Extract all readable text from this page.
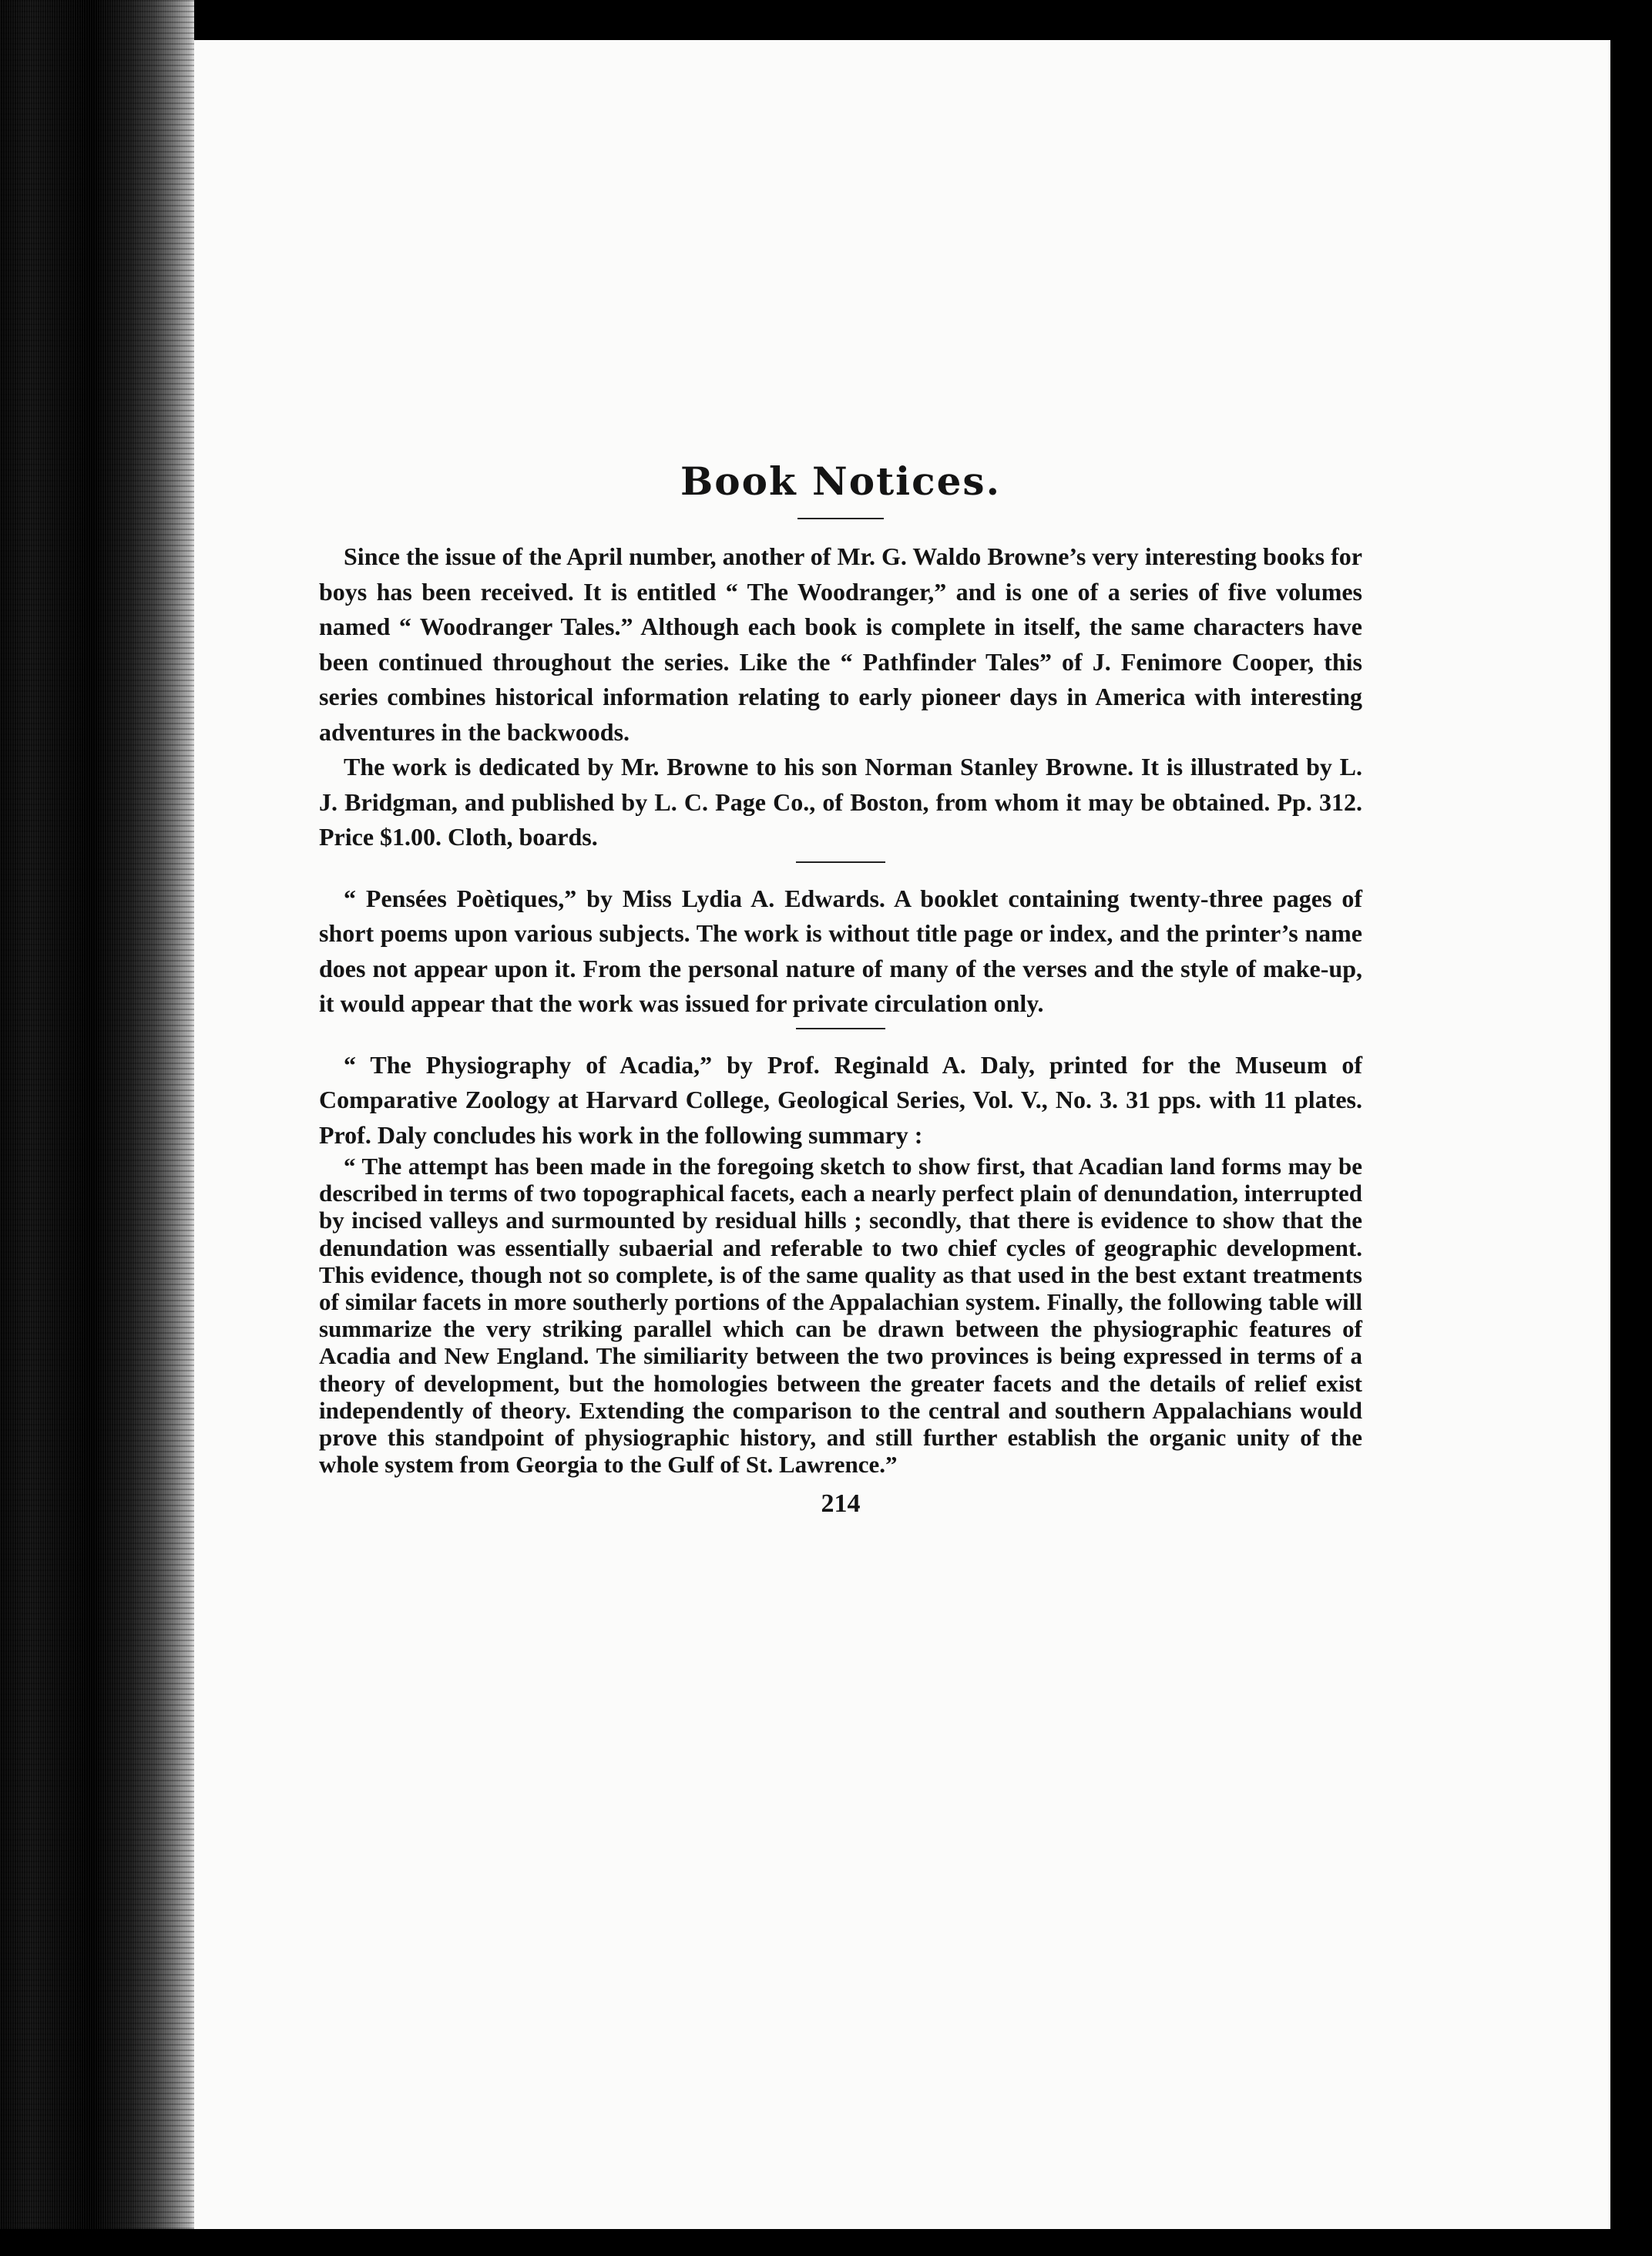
Book Notices.

Since the issue of the April number, another of Mr. G. Waldo Browne’s very interesting books for boys has been received. It is entitled “ The Woodranger,” and is one of a series of five volumes named “ Woodranger Tales.” Although each book is complete in itself, the same characters have been continued throughout the series. Like the “ Pathfinder Tales” of J. Fenimore Cooper, this series combines historical information relating to early pioneer days in America with interesting adventures in the backwoods.

The work is dedicated by Mr. Browne to his son Norman Stanley Browne. It is illustrated by L. J. Bridgman, and published by L. C. Page Co., of Boston, from whom it may be obtained. Pp. 312. Price $1.00. Cloth, boards.

“ Pensées Poètiques,” by Miss Lydia A. Edwards. A booklet containing twenty-three pages of short poems upon various subjects. The work is without title page or index, and the printer’s name does not appear upon it. From the personal nature of many of the verses and the style of make-up, it would appear that the work was issued for private circulation only.

“ The Physiography of Acadia,” by Prof. Reginald A. Daly, printed for the Museum of Comparative Zoology at Harvard College, Geological Series, Vol. V., No. 3. 31 pps. with 11 plates. Prof. Daly concludes his work in the following summary :

“ The attempt has been made in the foregoing sketch to show first, that Acadian land forms may be described in terms of two topographical facets, each a nearly perfect plain of denundation, interrupted by incised valleys and surmounted by residual hills ; secondly, that there is evidence to show that the denundation was essentially subaerial and referable to two chief cycles of geographic development. This evidence, though not so complete, is of the same quality as that used in the best extant treatments of similar facets in more southerly portions of the Appalachian system. Finally, the following table will summarize the very striking parallel which can be drawn between the physiographic features of Acadia and New England. The similiarity between the two provinces is being expressed in terms of a theory of development, but the homologies between the greater facets and the details of relief exist independently of theory. Extending the comparison to the central and southern Appalachians would prove this standpoint of physiographic history, and still further establish the organic unity of the whole system from Georgia to the Gulf of St. Lawrence.”

214
